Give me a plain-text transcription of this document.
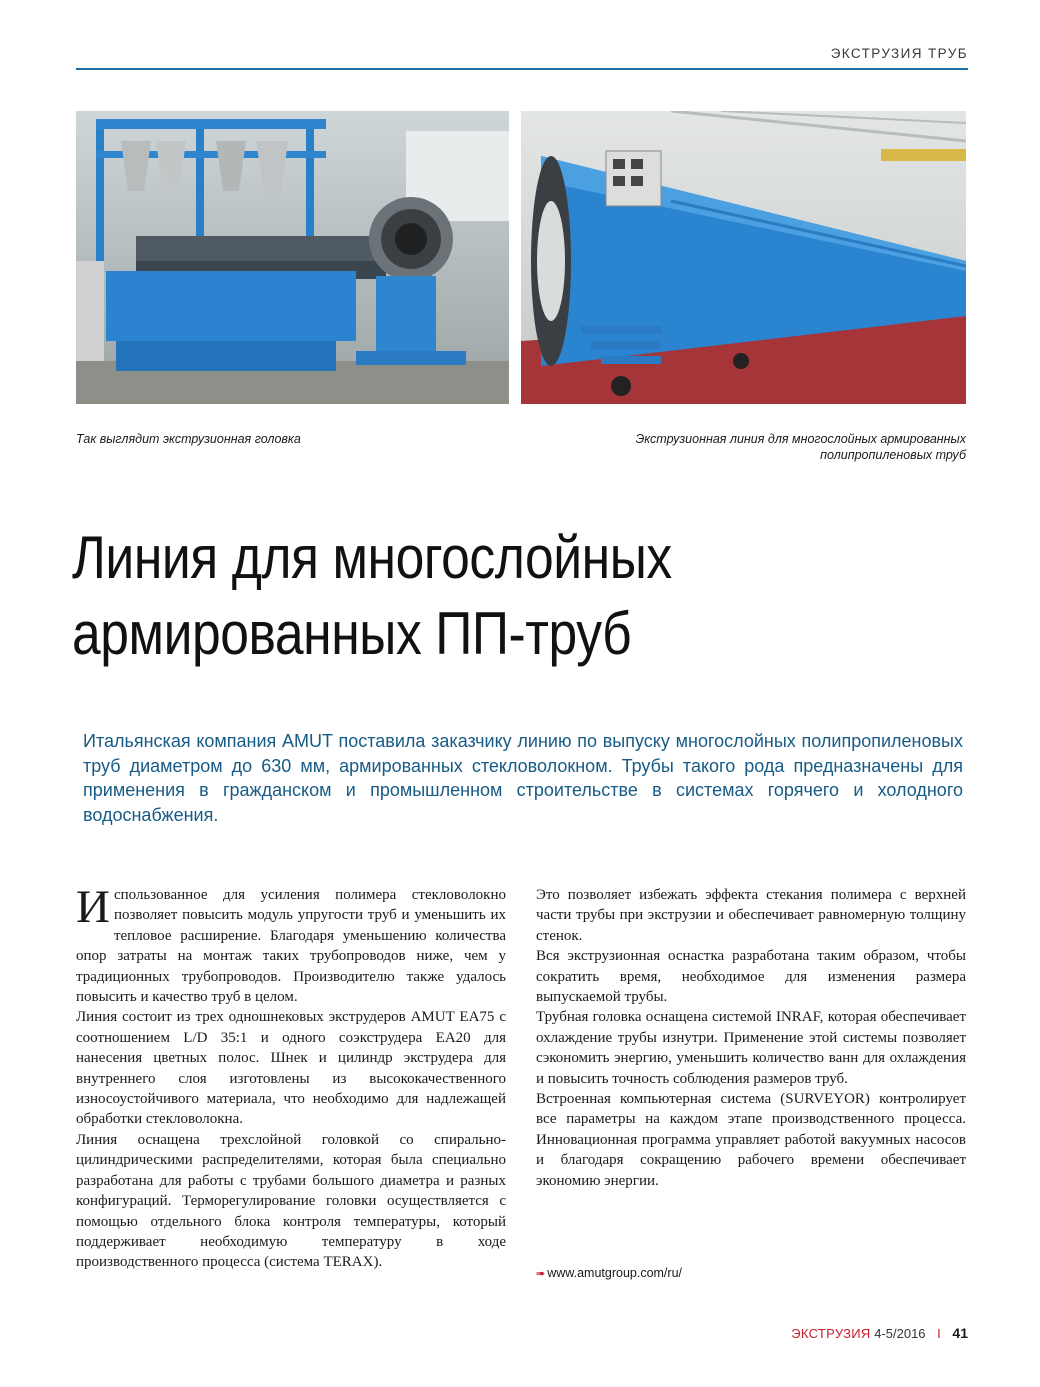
ЭКСТРУЗИЯ ТРУБ
Так выглядит экструзионная головка	Экструзионная линия для многослойных армированных полипропиленовых труб
Линия для многослойных
армированных ПП-труб
Итальянская компания AMUT поставила заказчику линию по выпуску многослойных полипропиленовых труб диаметром до 630 мм, армированных стекловолокном. Трубы такого рода предназначены для применения в гражданском и промышленном строительстве в системах горячего и холодного водоснабжения.

Использованное для усиления полимера стекловолокно позволяет повысить модуль упругости труб и уменьшить их тепловое расширение. Благодаря уменьшению количества опор затраты на монтаж таких трубопроводов ниже, чем у традиционных трубопроводов. Производителю также удалось повысить и качество труб в целом.

Линия состоит из трех одношнековых экструдеров AMUT EA75 с соотношением L/D 35:1 и одного соэкструдера EA20 для нанесения цветных полос. Шнек и цилиндр экструдера для внутреннего слоя изготовлены из высококачественного износоустойчивого материала, что необходимо для надлежащей обработки стекловолокна.

Линия оснащена трехслойной головкой со спирально-цилиндрическими распределителями, которая была специально разработана для работы с трубами большого диаметра и разных конфигураций. Терморегулирование головки осуществляется с помощью отдельного блока контроля температуры, который поддерживает необходимую температуру в ходе производственного процесса (система TERAX).

Это позволяет избежать эффекта стекания полимера с верхней части трубы при экструзии и обеспечивает равномерную толщину стенок.

Вся экструзионная оснастка разработана таким образом, чтобы сократить время, необходимое для изменения размера выпускаемой трубы.

Трубная головка оснащена системой INRAF, которая обеспечивает охлаждение трубы изнутри. Применение этой системы позволяет сэкономить энергию, уменьшить количество ванн для охлаждения и повысить точность соблюдения размеров труб.

Встроенная компьютерная система (SURVEYOR) контролирует все параметры на каждом этапе производственного процесса. Инновационная программа управляет работой вакуумных насосов и благодаря сокращению рабочего времени обеспечивает экономию энергии.

➠ www.amutgroup.com/ru/
ЭКСТРУЗИЯ 4-5/2016 I 41
